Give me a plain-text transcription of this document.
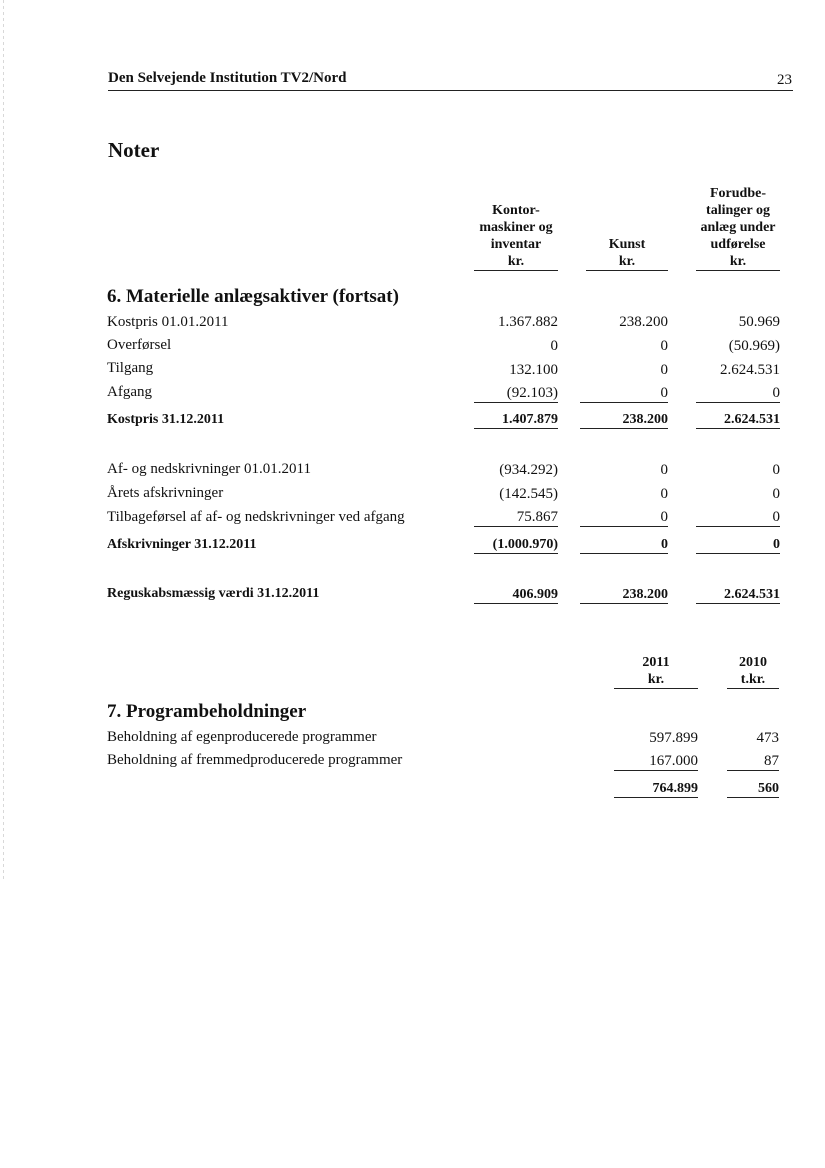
Den Selvejende Institution TV2/Nord	23
Noter
Kontor-
maskiner og
inventar
kr.
Kunst
kr.
Forudbe-
talinger og
anlæg under
udførelse
kr.
6. Materielle anlægsaktiver (fortsat)
Kostpris 01.01.2011	1.367.882	238.200	50.969
Overførsel	0	0	(50.969)
Tilgang	132.100	0	2.624.531
Afgang	(92.103)	0	0
Kostpris 31.12.2011	1.407.879	238.200	2.624.531
Af- og nedskrivninger 01.01.2011	(934.292)	0	0
Årets afskrivninger	(142.545)	0	0
Tilbageførsel af af- og nedskrivninger ved afgang	75.867	0	0
Afskrivninger 31.12.2011	(1.000.970)	0	0
Reguskabsmæssig værdi 31.12.2011	406.909	238.200	2.624.531
2011
kr.
2010
t.kr.
7. Programbeholdninger
Beholdning af egenproducerede programmer	597.899	473
Beholdning af fremmedproducerede programmer	167.000	87
764.899	560
